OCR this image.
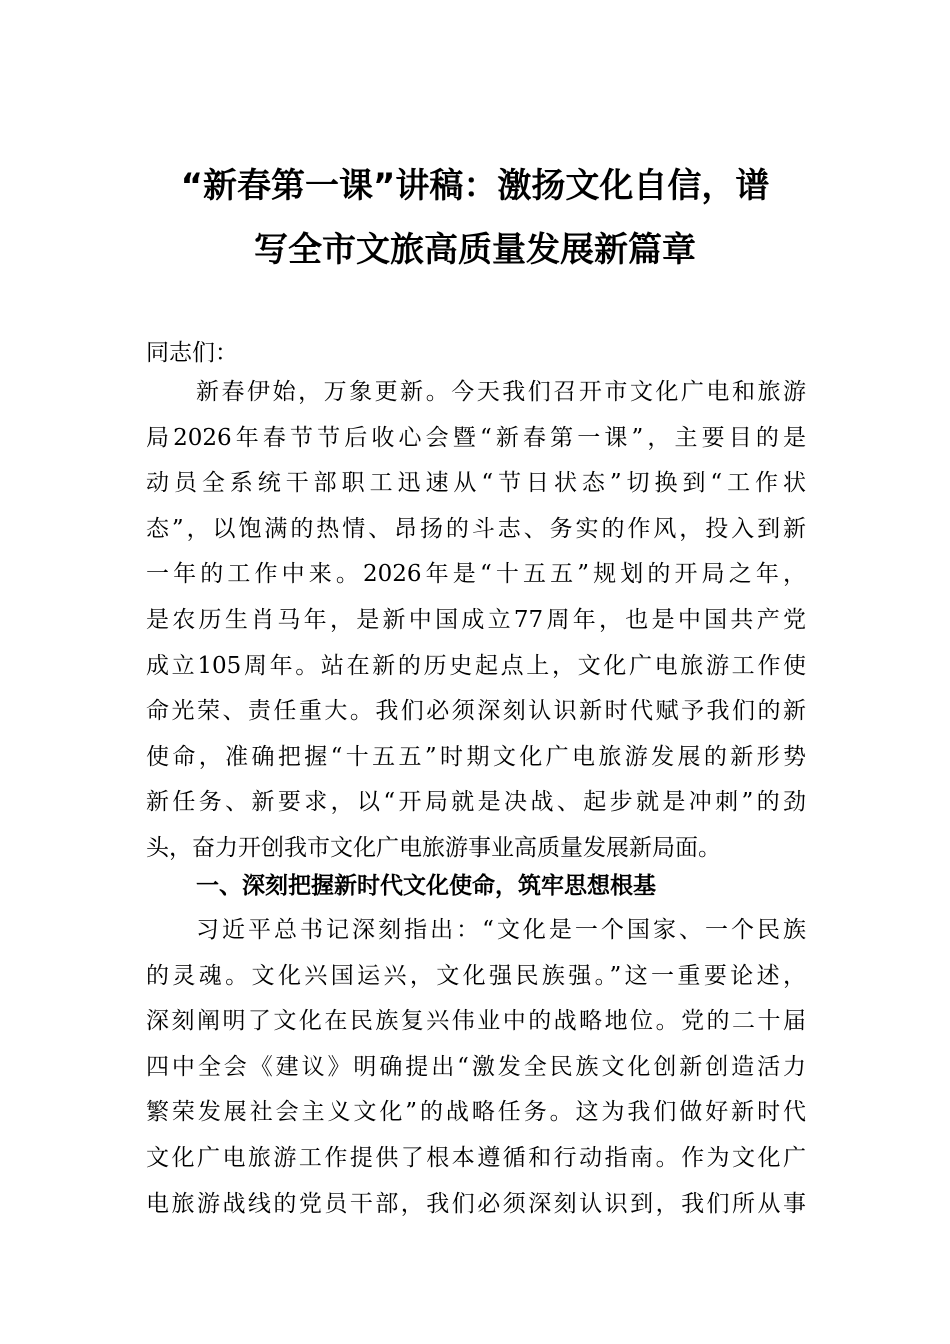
“新春第一课”讲稿：激扬文化自信，谱
写全市文旅高质量发展新篇章
同志们：
新春伊始，万象更新。今天我们召开市文化广电和旅游
局2026年春节节后收心会暨“新春第一课”，主要目的是
动员全系统干部职工迅速从“节日状态”切换到“工作状
态”，以饱满的热情、昂扬的斗志、务实的作风，投入到新
一年的工作中来。2026年是“十五五”规划的开局之年，
是农历生肖马年，是新中国成立77周年，也是中国共产党
成立105周年。站在新的历史起点上，文化广电旅游工作使
命光荣、责任重大。我们必须深刻认识新时代赋予我们的新
使命，准确把握“十五五”时期文化广电旅游发展的新形势
新任务、新要求，以“开局就是决战、起步就是冲刺”的劲
头，奋力开创我市文化广电旅游事业高质量发展新局面。
一、深刻把握新时代文化使命，筑牢思想根基
习近平总书记深刻指出：“文化是一个国家、一个民族
的灵魂。文化兴国运兴，文化强民族强。”这一重要论述，
深刻阐明了文化在民族复兴伟业中的战略地位。党的二十届
四中全会《建议》明确提出“激发全民族文化创新创造活力
繁荣发展社会主义文化”的战略任务。这为我们做好新时代
文化广电旅游工作提供了根本遵循和行动指南。作为文化广
电旅游战线的党员干部，我们必须深刻认识到，我们所从事
